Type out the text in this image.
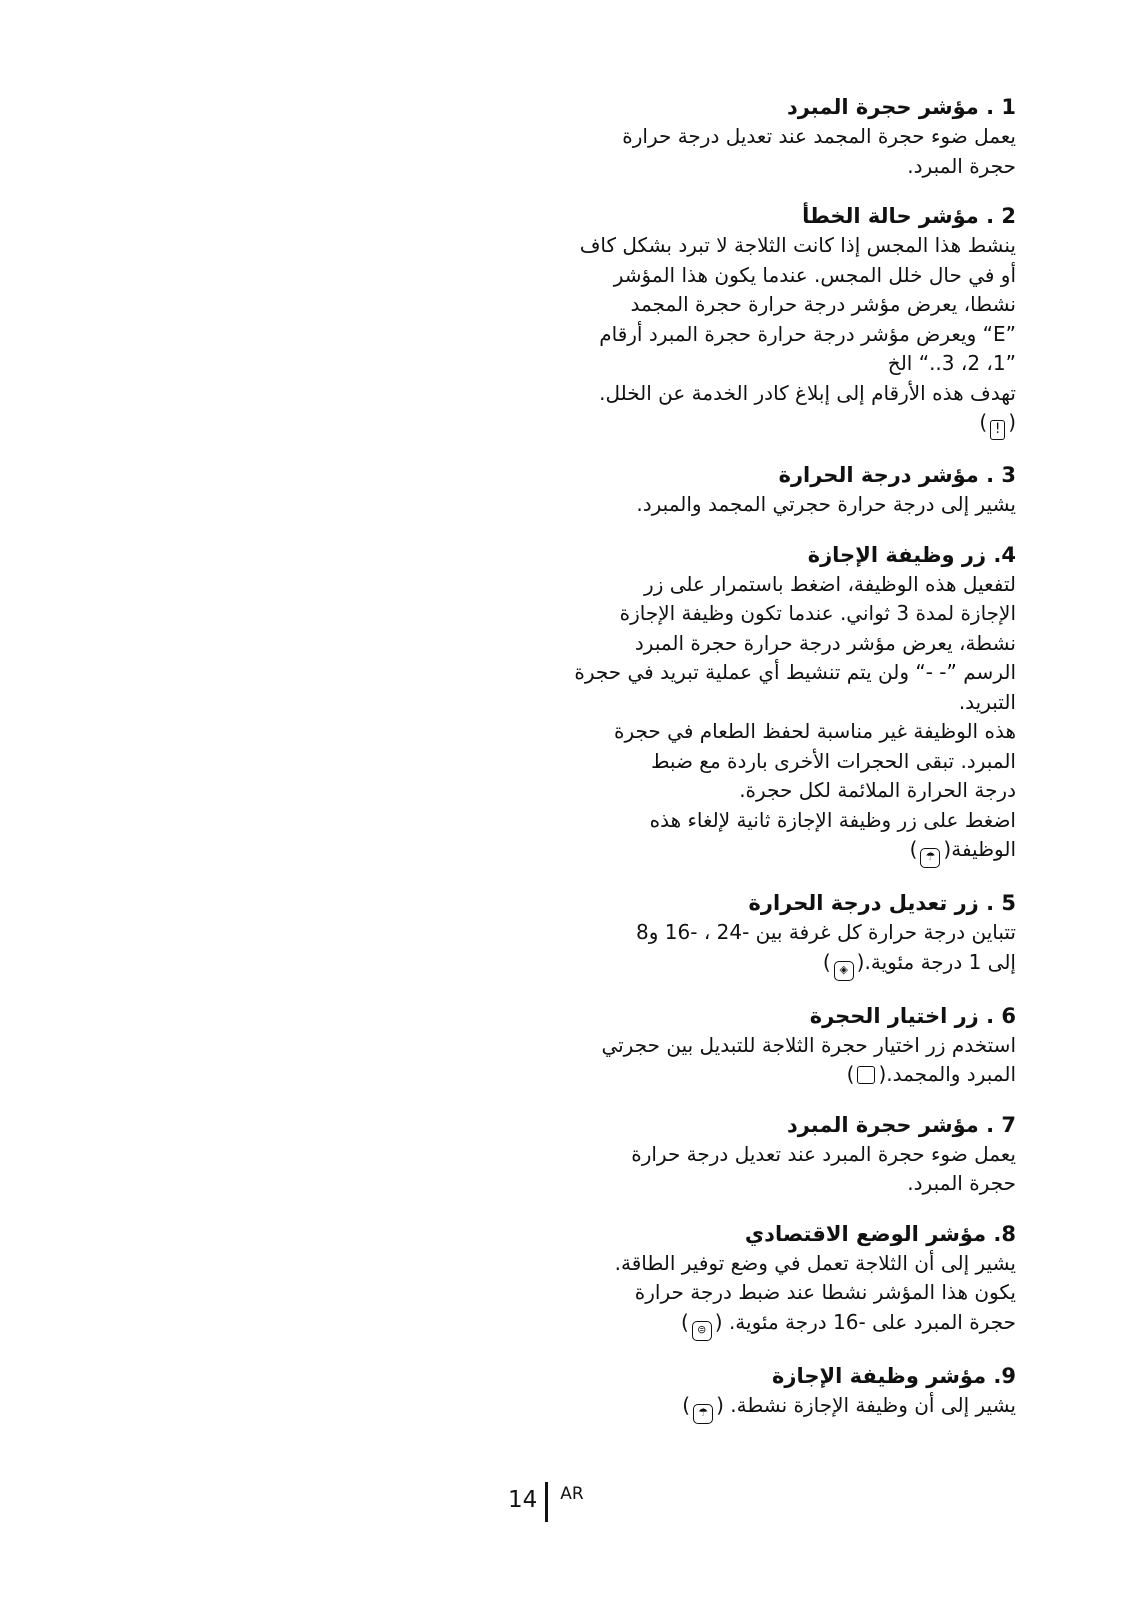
1 . مؤشر حجرة المبرد
يعمل ضوء حجرة المجمد عند تعديل درجة حرارة
حجرة المبرد.
2 . مؤشر حالة الخطأ
ينشط هذا المجس إذا كانت الثلاجة لا تبرد بشكل كاف
أو في حال خلل المجس. عندما يكون هذا المؤشر
نشطا، يعرض مؤشر درجة حرارة حجرة المجمد
”E“ ويعرض مؤشر درجة حرارة حجرة المبرد أرقام
”1، 2، 3..“ الخ
تهدف هذه الأرقام إلى إبلاغ كادر الخدمة عن الخلل.
(
!
)
3 . مؤشر درجة الحرارة
يشير إلى درجة حرارة حجرتي المجمد والمبرد.
4. زر وظيفة الإجازة
لتفعيل هذه الوظيفة، اضغط باستمرار على زر
الإجازة لمدة 3 ثواني. عندما تكون وظيفة الإجازة
نشطة، يعرض مؤشر درجة حرارة حجرة المبرد
الرسم ”- -“ ولن يتم تنشيط أي عملية تبريد في حجرة
التبريد.
هذه الوظيفة غير مناسبة لحفظ الطعام في حجرة
المبرد. تبقى الحجرات الأخرى باردة مع ضبط
درجة الحرارة الملائمة لكل حجرة.
اضغط على زر وظيفة الإجازة ثانية لإلغاء هذه
الوظيفة(
☂
)
5 . زر تعديل درجة الحرارة
تتباين درجة حرارة كل غرفة بين -24 ، -16 و8
إلى 1 درجة مئوية.(
◈
)
6 . زر اختيار الحجرة
استخدم زر اختيار حجرة الثلاجة للتبديل بين حجرتي
المبرد والمجمد.()
7 . مؤشر حجرة المبرد
يعمل ضوء حجرة المبرد عند تعديل درجة حرارة
حجرة المبرد.
8. مؤشر الوضع الاقتصادي
يشير إلى أن الثلاجة تعمل في وضع توفير الطاقة.
يكون هذا المؤشر نشطا عند ضبط درجة حرارة
حجرة المبرد على -16 درجة مئوية. (
⊜
)
9. مؤشر وظيفة الإجازة
يشير إلى أن وظيفة الإجازة نشطة. (
☂
)
14	AR
